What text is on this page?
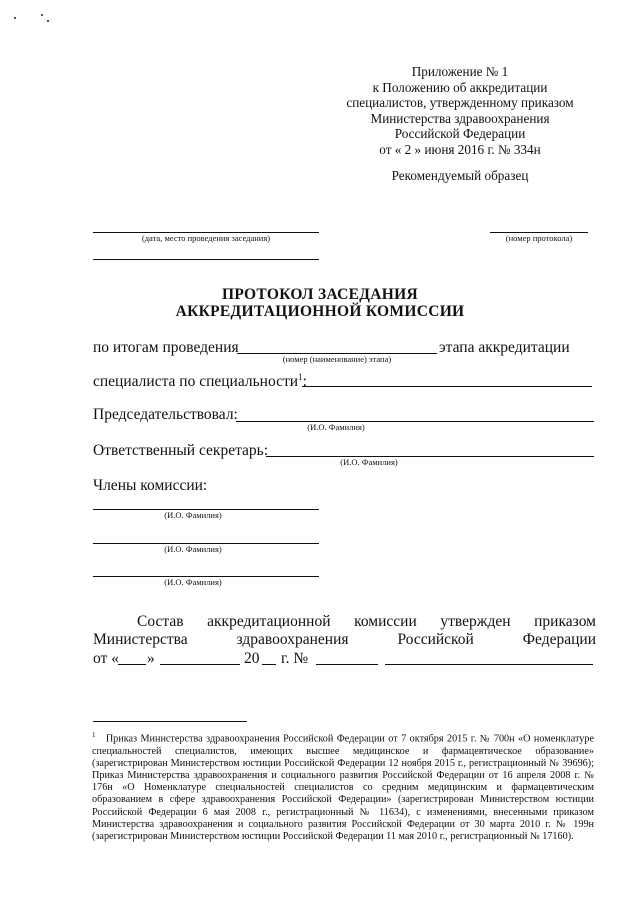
Приложение № 1
к Положению об аккредитации
специалистов, утвержденному приказом
Министерства здравоохранения
Российской Федерации
от « 2 » июня 2016 г. № 334н
Рекомендуемый образец
(дата, место проведения заседания)	(номер протокола)
ПРОТОКОЛ ЗАСЕДАНИЯ
АККРЕДИТАЦИОННОЙ КОМИССИИ
по итогам проведения
(номер (наименование) этапа)
этапа аккредитации
специалиста по специальности$^1$:
Председательствовал:
(И.О. Фамилия)
Ответственный секретарь:
(И.О. Фамилия)
Члены комиссии:
(И.О. Фамилия)
(И.О. Фамилия)
(И.О. Фамилия)
Состав аккредитационной комиссии утвержден приказом
Министерства	здравоохранения	Российской	Федерации
от « »	20 г. №
$^1$ Приказ Министерства здравоохранения Российской Федерации от 7 октября 2015 г. № 700н «О номенклатуре специальностей специалистов, имеющих высшее медицинское и фармацевтическое образование» (зарегистрирован Министерством юстиции Российской Федерации 12 ноября 2015 г., регистрационный № 39696); Приказ Министерства здравоохранения и социального развития Российской Федерации от 16 апреля 2008 г. № 176н «О Номенклатуре специальностей специалистов со средним медицинским и фармацевтическим образованием в сфере здравоохранения Российской Федерации» (зарегистрирован Министерством юстиции Российской Федерации 6 мая 2008 г., регистрационный № 11634), с изменениями, внесенными приказом Министерства здравоохранения и социального развития Российской Федерации от 30 марта 2010 г. № 199н (зарегистрирован Министерством юстиции Российской Федерации 11 мая 2010 г., регистрационный № 17160).
